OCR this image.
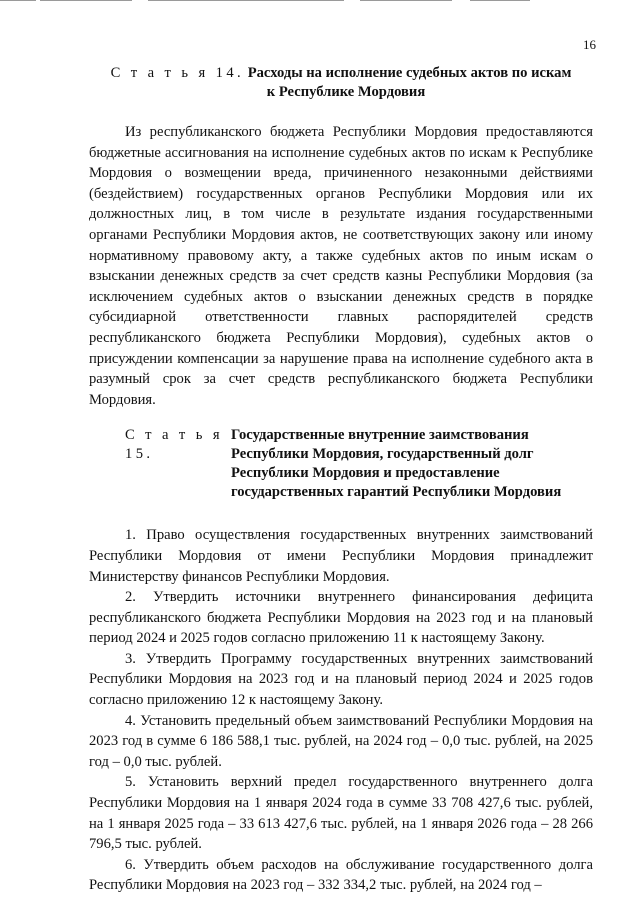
16
С т а т ь я 14. Расходы на исполнение судебных актов по искам
к Республике Мордовия

Из республиканского бюджета Республики Мордовия предоставляются бюджетные ассигнования на исполнение судебных актов по искам к Республике Мордовия о возмещении вреда, причиненного незаконными действиями (бездействием) государственных органов Республики Мордовия или их должностных лиц, в том числе в результате издания государственными органами Республики Мордовия актов, не соответствующих закону или иному нормативному правовому акту, а также судебных актов по иным искам о взыскании денежных средств за счет средств казны Республики Мордовия (за исключением судебных актов о взыскании денежных средств в порядке субсидиарной ответственности главных распорядителей средств республиканского бюджета Республики Мордовия), судебных актов о присуждении компенсации за нарушение права на исполнение судебного акта в разумный срок за счет средств республиканского бюджета Республики Мордовия.

С т а т ь я 15.
Государственные внутренние заимствования
Республики Мордовия, государственный долг
Республики Мордовия и предоставление
государственных гарантий Республики Мордовия

1. Право осуществления государственных внутренних заимствований Республики Мордовия от имени Республики Мордовия принадлежит Министерству финансов Республики Мордовия.

2. Утвердить источники внутреннего финансирования дефицита республиканского бюджета Республики Мордовия на 2023 год и на плановый период 2024 и 2025 годов согласно приложению 11 к настоящему Закону.

3. Утвердить Программу государственных внутренних заимствований Республики Мордовия на 2023 год и на плановый период 2024 и 2025 годов согласно приложению 12 к настоящему Закону.

4. Установить предельный объем заимствований Республики Мордовия на 2023 год в сумме 6 186 588,1 тыс. рублей, на 2024 год – 0,0 тыс. рублей, на 2025 год – 0,0 тыс. рублей.

5. Установить верхний предел государственного внутреннего долга Республики Мордовия на 1 января 2024 года в сумме 33 708 427,6 тыс. рублей, на 1 января 2025 года – 33 613 427,6 тыс. рублей, на 1 января 2026 года – 28 266 796,5 тыс. рублей.

6. Утвердить объем расходов на обслуживание государственного долга Республики Мордовия на 2023 год – 332 334,2 тыс. рублей, на 2024 год –
